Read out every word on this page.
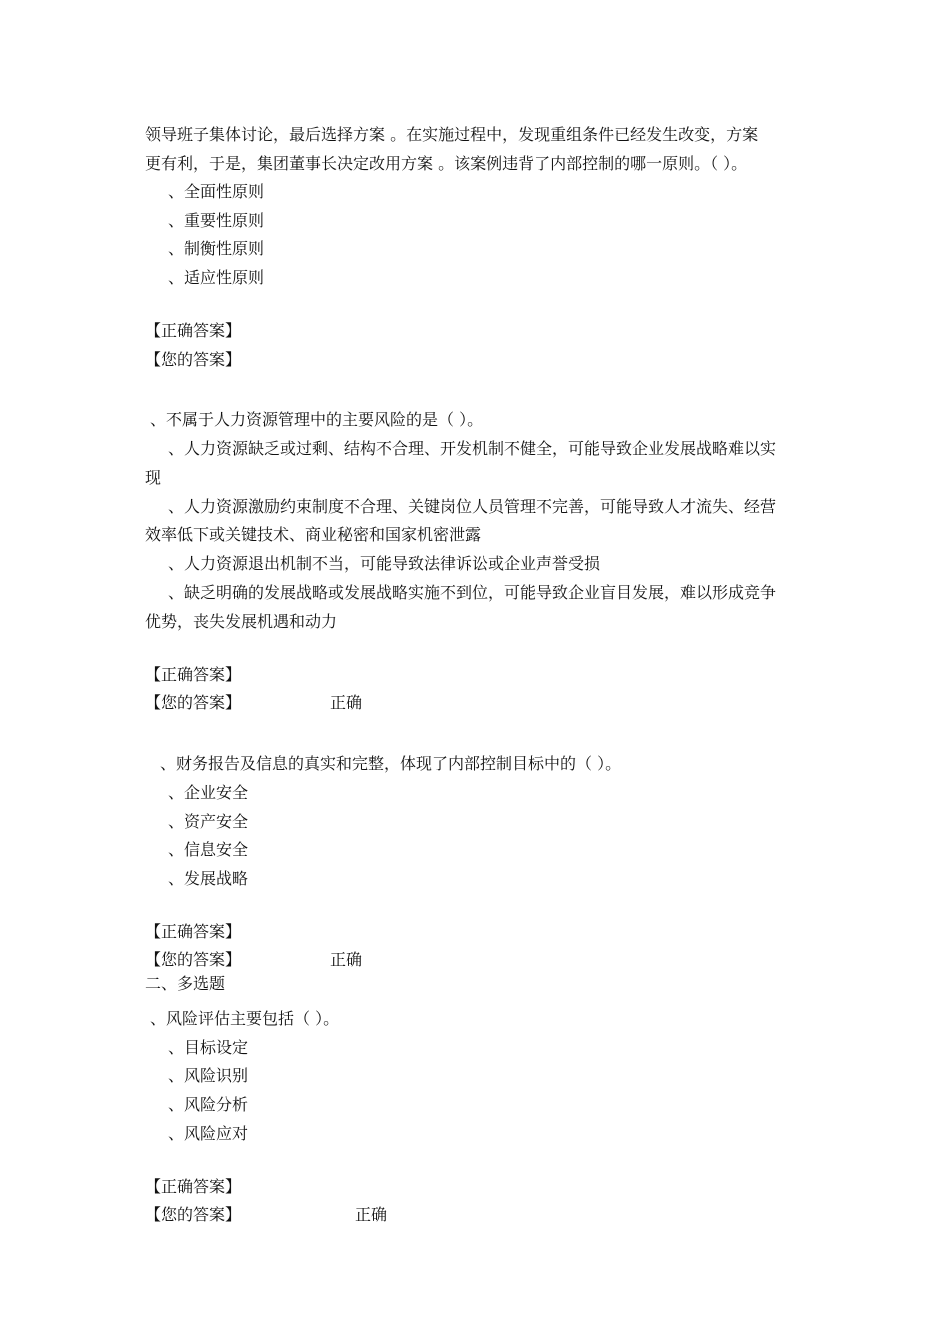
领导班子集体讨论，最后选择方案 。在实施过程中，发现重组条件已经发生改变，方案
更有利，于是，集团董事长决定改用方案 。该案例违背了内部控制的哪一原则。（ ）。
、全面性原则
、重要性原则
、制衡性原则
、适应性原则
【正确答案】
【您的答案】
、不属于人力资源管理中的主要风险的是（ ）。
、人力资源缺乏或过剩、结构不合理、开发机制不健全，可能导致企业发展战略难以实
现
、人力资源激励约束制度不合理、关键岗位人员管理不完善，可能导致人才流失、经营
效率低下或关键技术、商业秘密和国家机密泄露
、人力资源退出机制不当，可能导致法律诉讼或企业声誉受损
、缺乏明确的发展战略或发展战略实施不到位，可能导致企业盲目发展，难以形成竞争
优势，丧失发展机遇和动力
【正确答案】
【您的答案】	正确
、财务报告及信息的真实和完整，体现了内部控制目标中的（ ）。
、企业安全
、资产安全
、信息安全
、发展战略
【正确答案】
【您的答案】	正确
二、多选题
、风险评估主要包括（ ）。
、目标设定
、风险识别
、风险分析
、风险应对
【正确答案】
【您的答案】	正确
